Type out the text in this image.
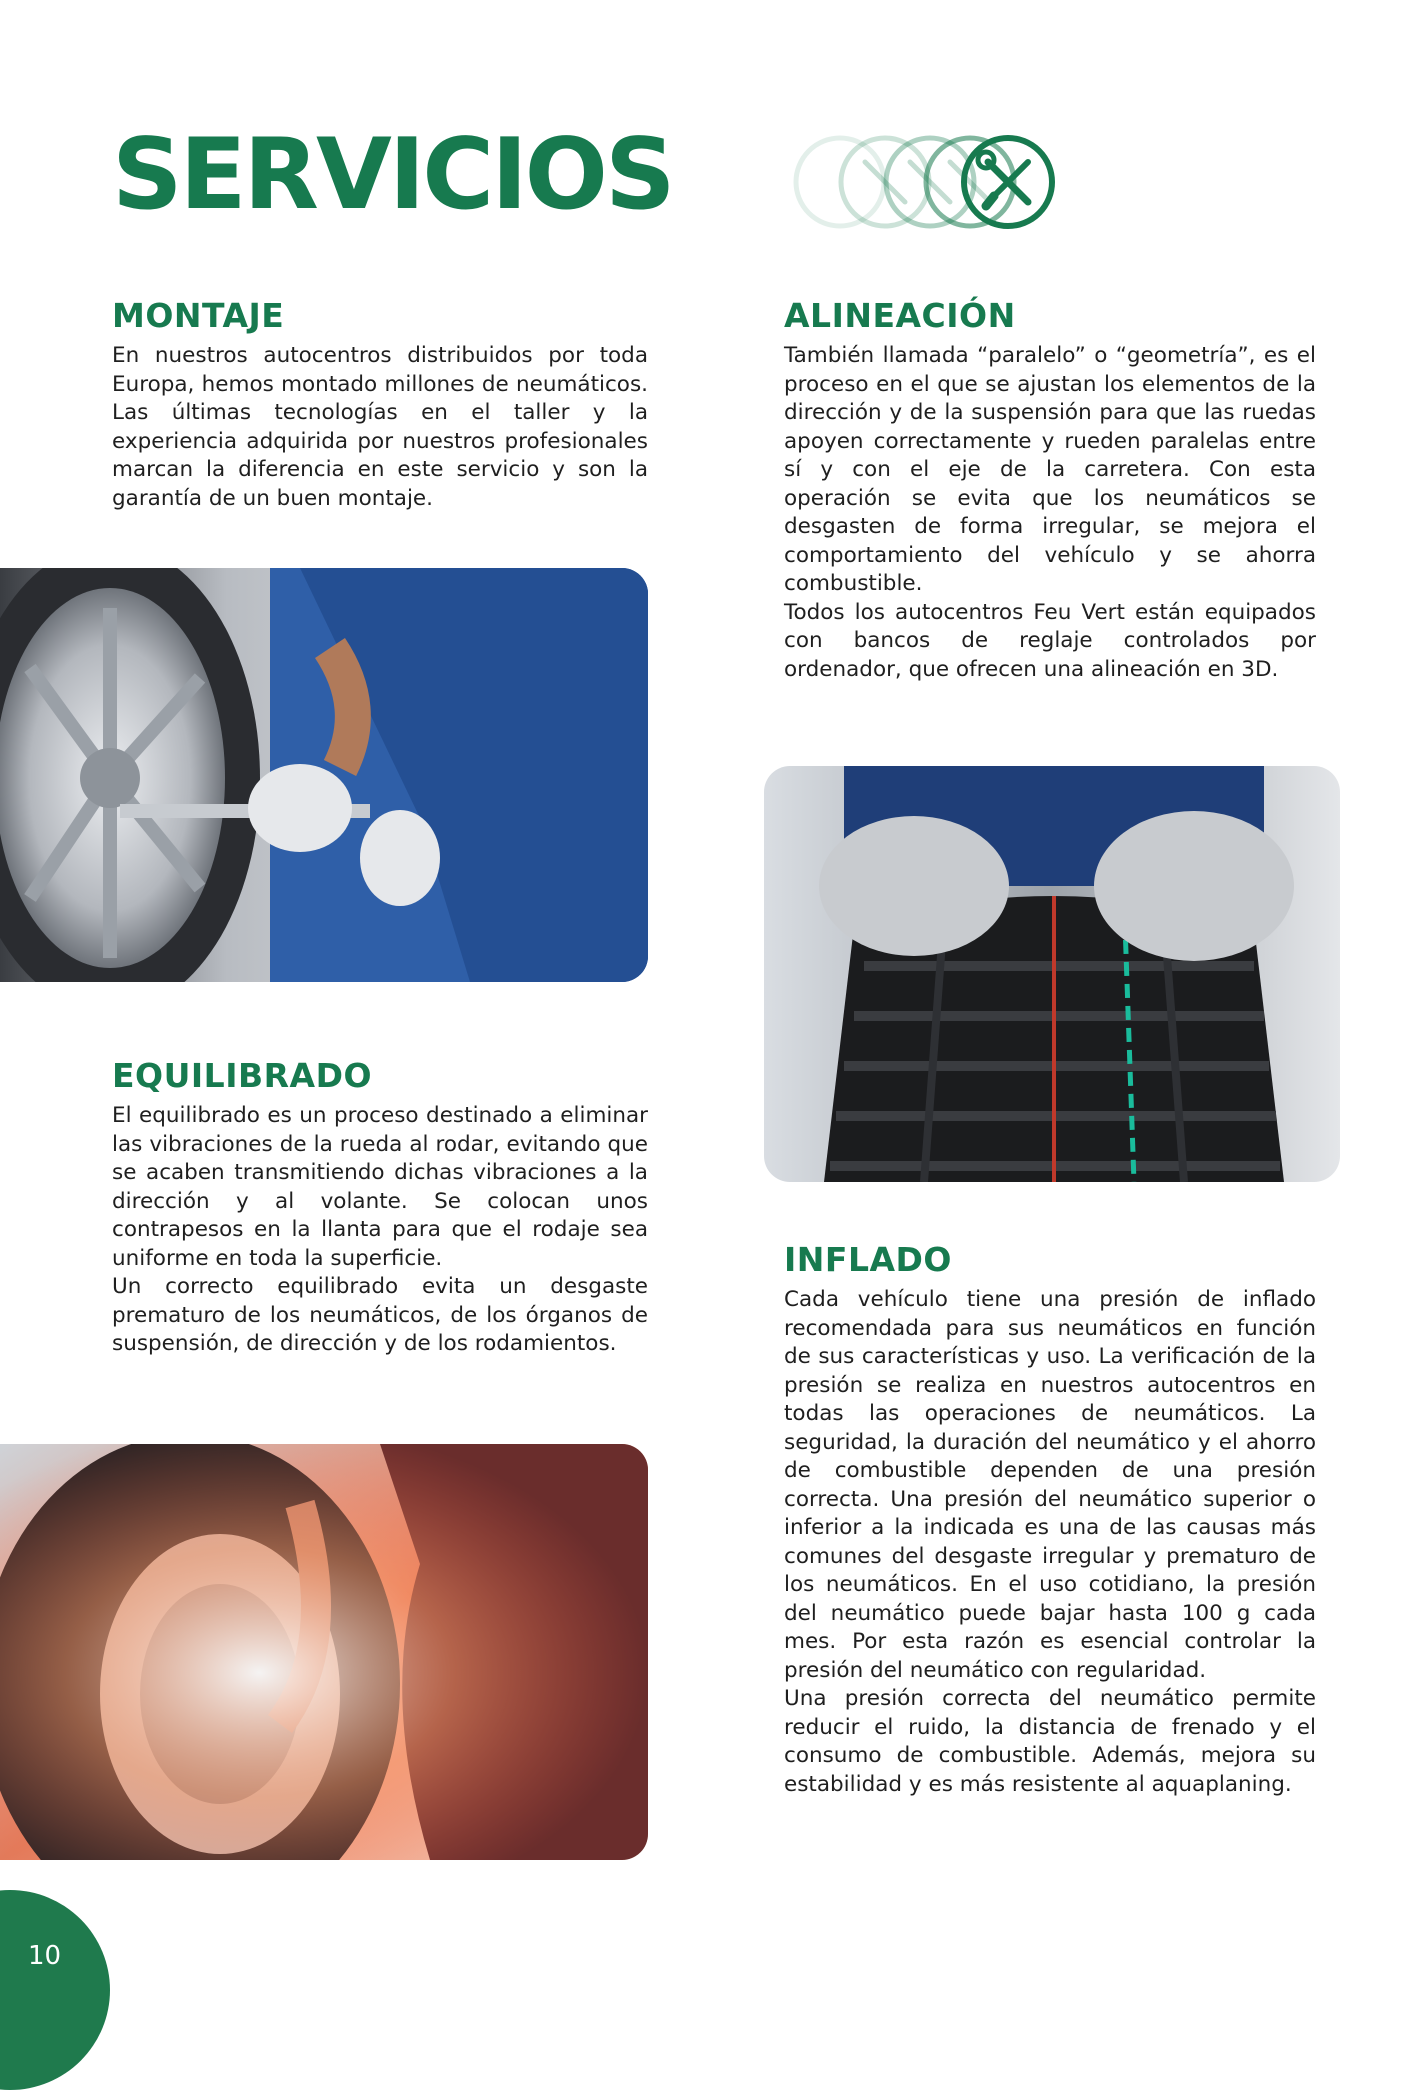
SERVICIOS
MONTAJE

En nuestros autocentros distribuidos por toda Europa, hemos montado millones de neumáticos. Las últimas tecnologías en el taller y la experiencia adquirida por nuestros profesionales marcan la diferencia en este servicio y son la garantía de un buen montaje.

ALINEACIÓN

También llamada “paralelo” o “geometría”, es el proceso en el que se ajustan los elementos de la dirección y de la suspensión para que las ruedas apoyen correctamente y rueden paralelas entre sí y con el eje de la carretera. Con esta operación se evita que los neumáticos se desgasten de forma irregular, se mejora el comportamiento del vehículo y se ahorra combustible.

Todos los autocentros Feu Vert están equipados con bancos de reglaje controlados por ordenador, que ofrecen una alineación en 3D.

EQUILIBRADO

El equilibrado es un proceso destinado a eliminar las vibraciones de la rueda al rodar, evitando que se acaben transmitiendo dichas vibraciones a la dirección y al volante. Se colocan unos contrapesos en la llanta para que el rodaje sea uniforme en toda la superficie.

Un correcto equilibrado evita un desgaste prematuro de los neumáticos, de los órganos de suspensión, de dirección y de los rodamientos.

INFLADO

Cada vehículo tiene una presión de inflado recomendada para sus neumáticos en función de sus características y uso. La verificación de la presión se realiza en nuestros autocentros en todas las operaciones de neumáticos. La seguridad, la duración del neumático y el ahorro de combustible dependen de una presión correcta. Una presión del neumático superior o inferior a la indicada es una de las causas más comunes del desgaste irregular y prematuro de los neumáticos. En el uso cotidiano, la presión del neumático puede bajar hasta 100 g cada mes. Por esta razón es esencial controlar la presión del neumático con regularidad.

Una presión correcta del neumático permite reducir el ruido, la distancia de frenado y el consumo de combustible. Además, mejora su estabilidad y es más resistente al aquaplaning.

10
